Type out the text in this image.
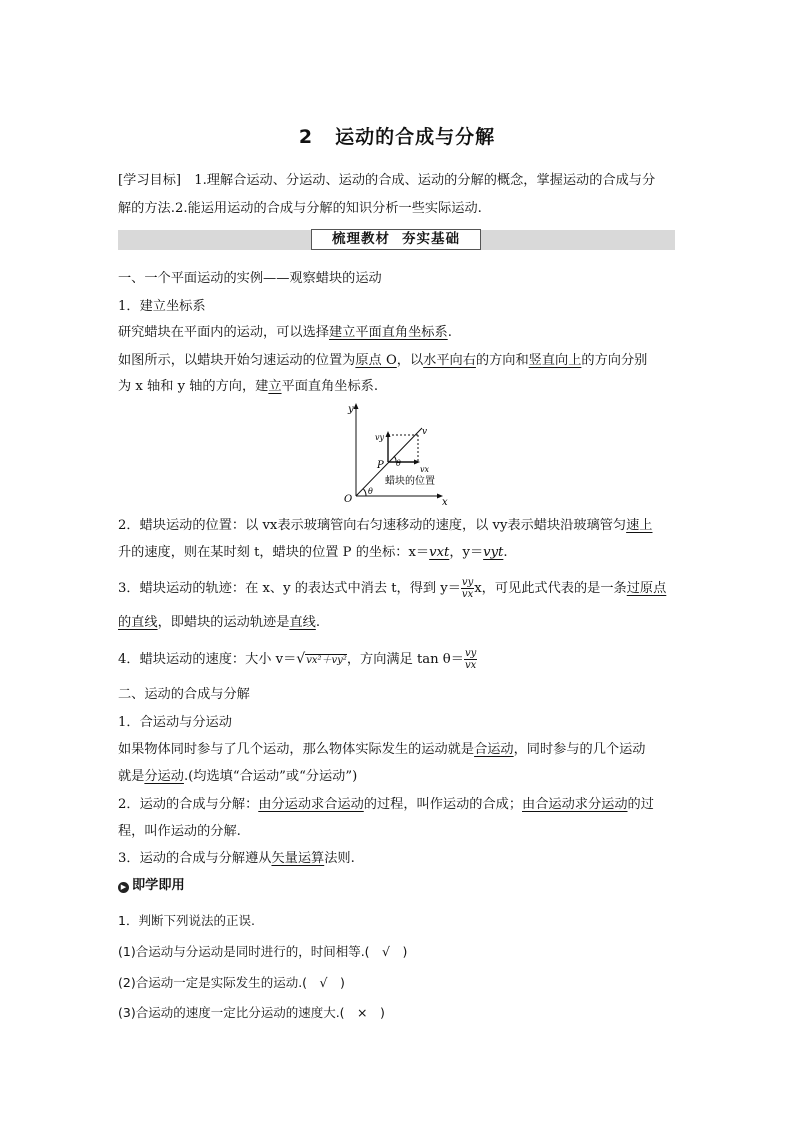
2 运动的合成与分解
[学习目标]　1.理解合运动、分运动、运动的合成、运动的分解的概念，掌握运动的合成与分
解的方法.2.能运用运动的合成与分解的知识分析一些实际运动.
梳理教材 夯实基础
一、一个平面运动的实例——观察蜡块的运动
1．建立坐标系
研究蜡块在平面内的运动，可以选择建立平面直角坐标系.
如图所示，以蜡块开始匀速运动的位置为原点 O，以水平向右的方向和竖直向上的方向分别
为 x 轴和 y 轴的方向，建立平面直角坐标系.
y
x
O
P
v
vy
vx
θ
θ
蜡块的位置
2．蜡块运动的位置：以 vx表示玻璃管向右匀速移动的速度，以 vy表示蜡块沿玻璃管匀速上
升的速度，则在某时刻 t，蜡块的位置 P 的坐标：x＝vxt，y＝vyt.
3．蜡块运动的轨迹：在 x、y 的表达式中消去 t，得到 $y= \frac{vy}{vx}$ x，可见此式代表的是一条过原点
的直线，即蜡块的运动轨迹是直线.
4．蜡块运动的速度：大小 v＝√vx²＋vy²，方向满足 $\tan \theta= \frac{vy}{vx}$
二、运动的合成与分解
1．合运动与分运动
如果物体同时参与了几个运动，那么物体实际发生的运动就是合运动，同时参与的几个运动
就是分运动.(均选填“合运动”或“分运动”)
2．运动的合成与分解：由分运动求合运动的过程，叫作运动的合成；由合运动求分运动的过
程，叫作运动的分解.
3．运动的合成与分解遵从矢量运算法则.
▶ 即学即用
1．判断下列说法的正误.
(1)合运动与分运动是同时进行的，时间相等.(　√　)
(2)合运动一定是实际发生的运动.(　√　)
(3)合运动的速度一定比分运动的速度大.(　×　)
